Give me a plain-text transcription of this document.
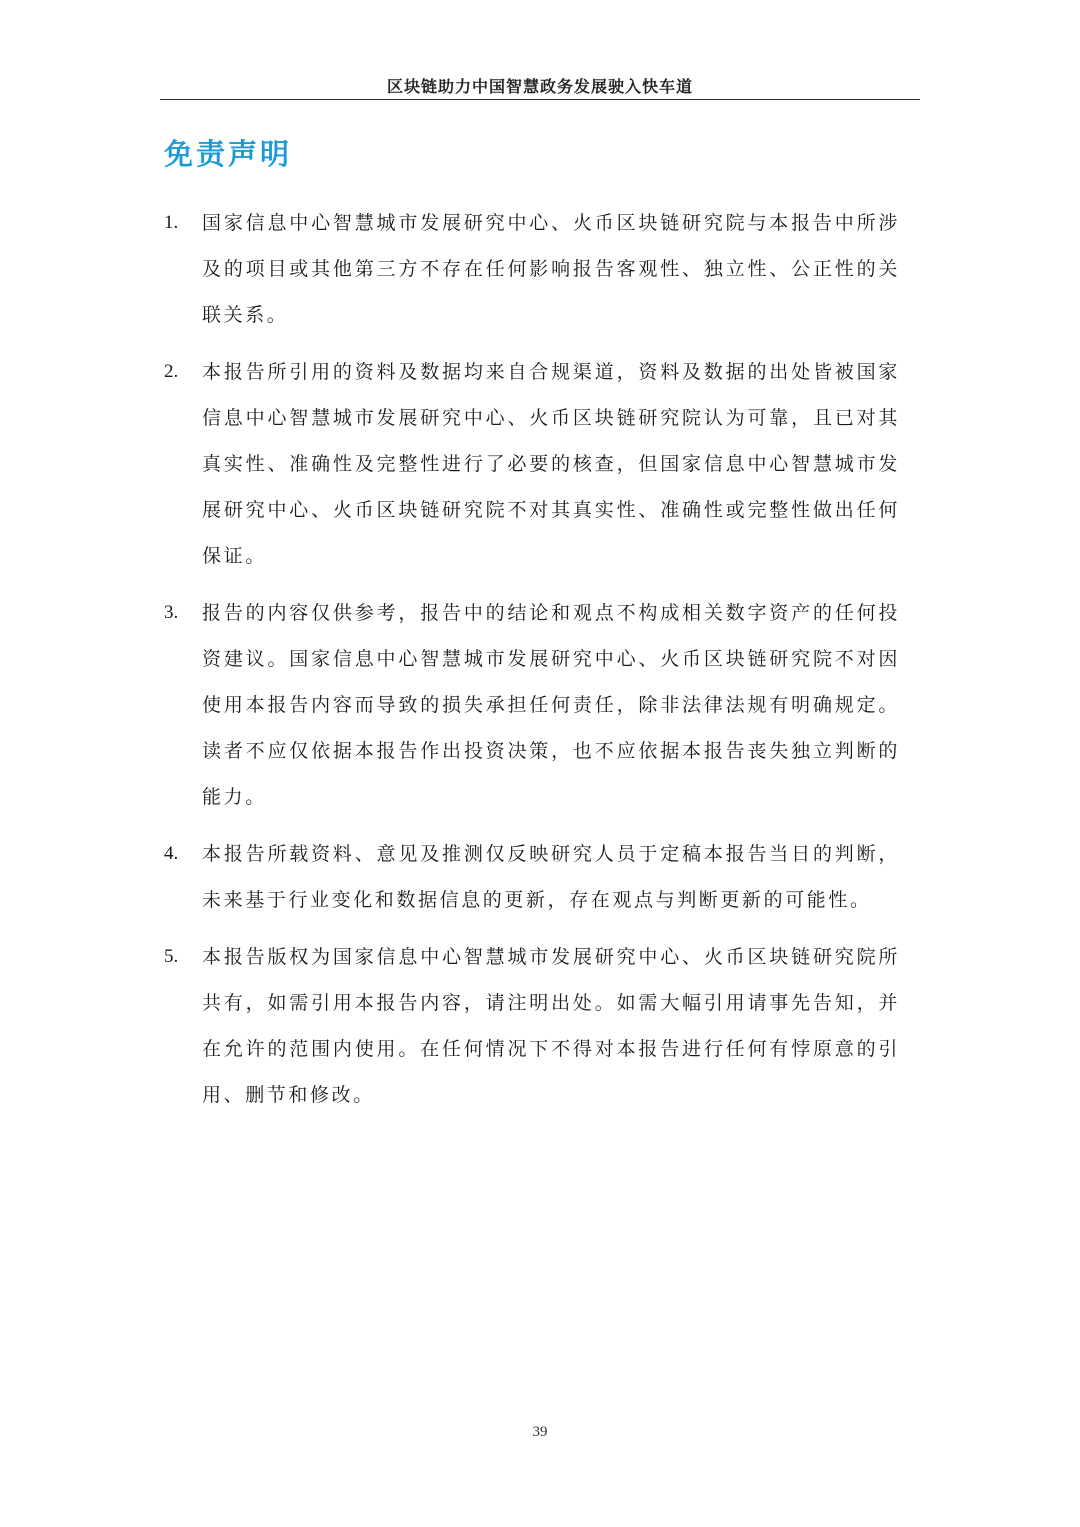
区块链助力中国智慧政务发展驶入快车道
免责声明
1.	国家信息中心智慧城市发展研究中心、火币区块链研究院与本报告中所涉及的项目或其他第三方不存在任何影响报告客观性、独立性、公正性的关联关系。
2.	本报告所引用的资料及数据均来自合规渠道，资料及数据的出处皆被国家信息中心智慧城市发展研究中心、火币区块链研究院认为可靠，且已对其真实性、准确性及完整性进行了必要的核查，但国家信息中心智慧城市发展研究中心、火币区块链研究院不对其真实性、准确性或完整性做出任何保证。
3.	报告的内容仅供参考，报告中的结论和观点不构成相关数字资产的任何投资建议。国家信息中心智慧城市发展研究中心、火币区块链研究院不对因使用本报告内容而导致的损失承担任何责任，除非法律法规有明确规定。读者不应仅依据本报告作出投资决策，也不应依据本报告丧失独立判断的能力。
4.	本报告所载资料、意见及推测仅反映研究人员于定稿本报告当日的判断，未来基于行业变化和数据信息的更新，存在观点与判断更新的可能性。
5.	本报告版权为国家信息中心智慧城市发展研究中心、火币区块链研究院所共有，如需引用本报告内容，请注明出处。如需大幅引用请事先告知，并在允许的范围内使用。在任何情况下不得对本报告进行任何有悖原意的引用、删节和修改。
39
